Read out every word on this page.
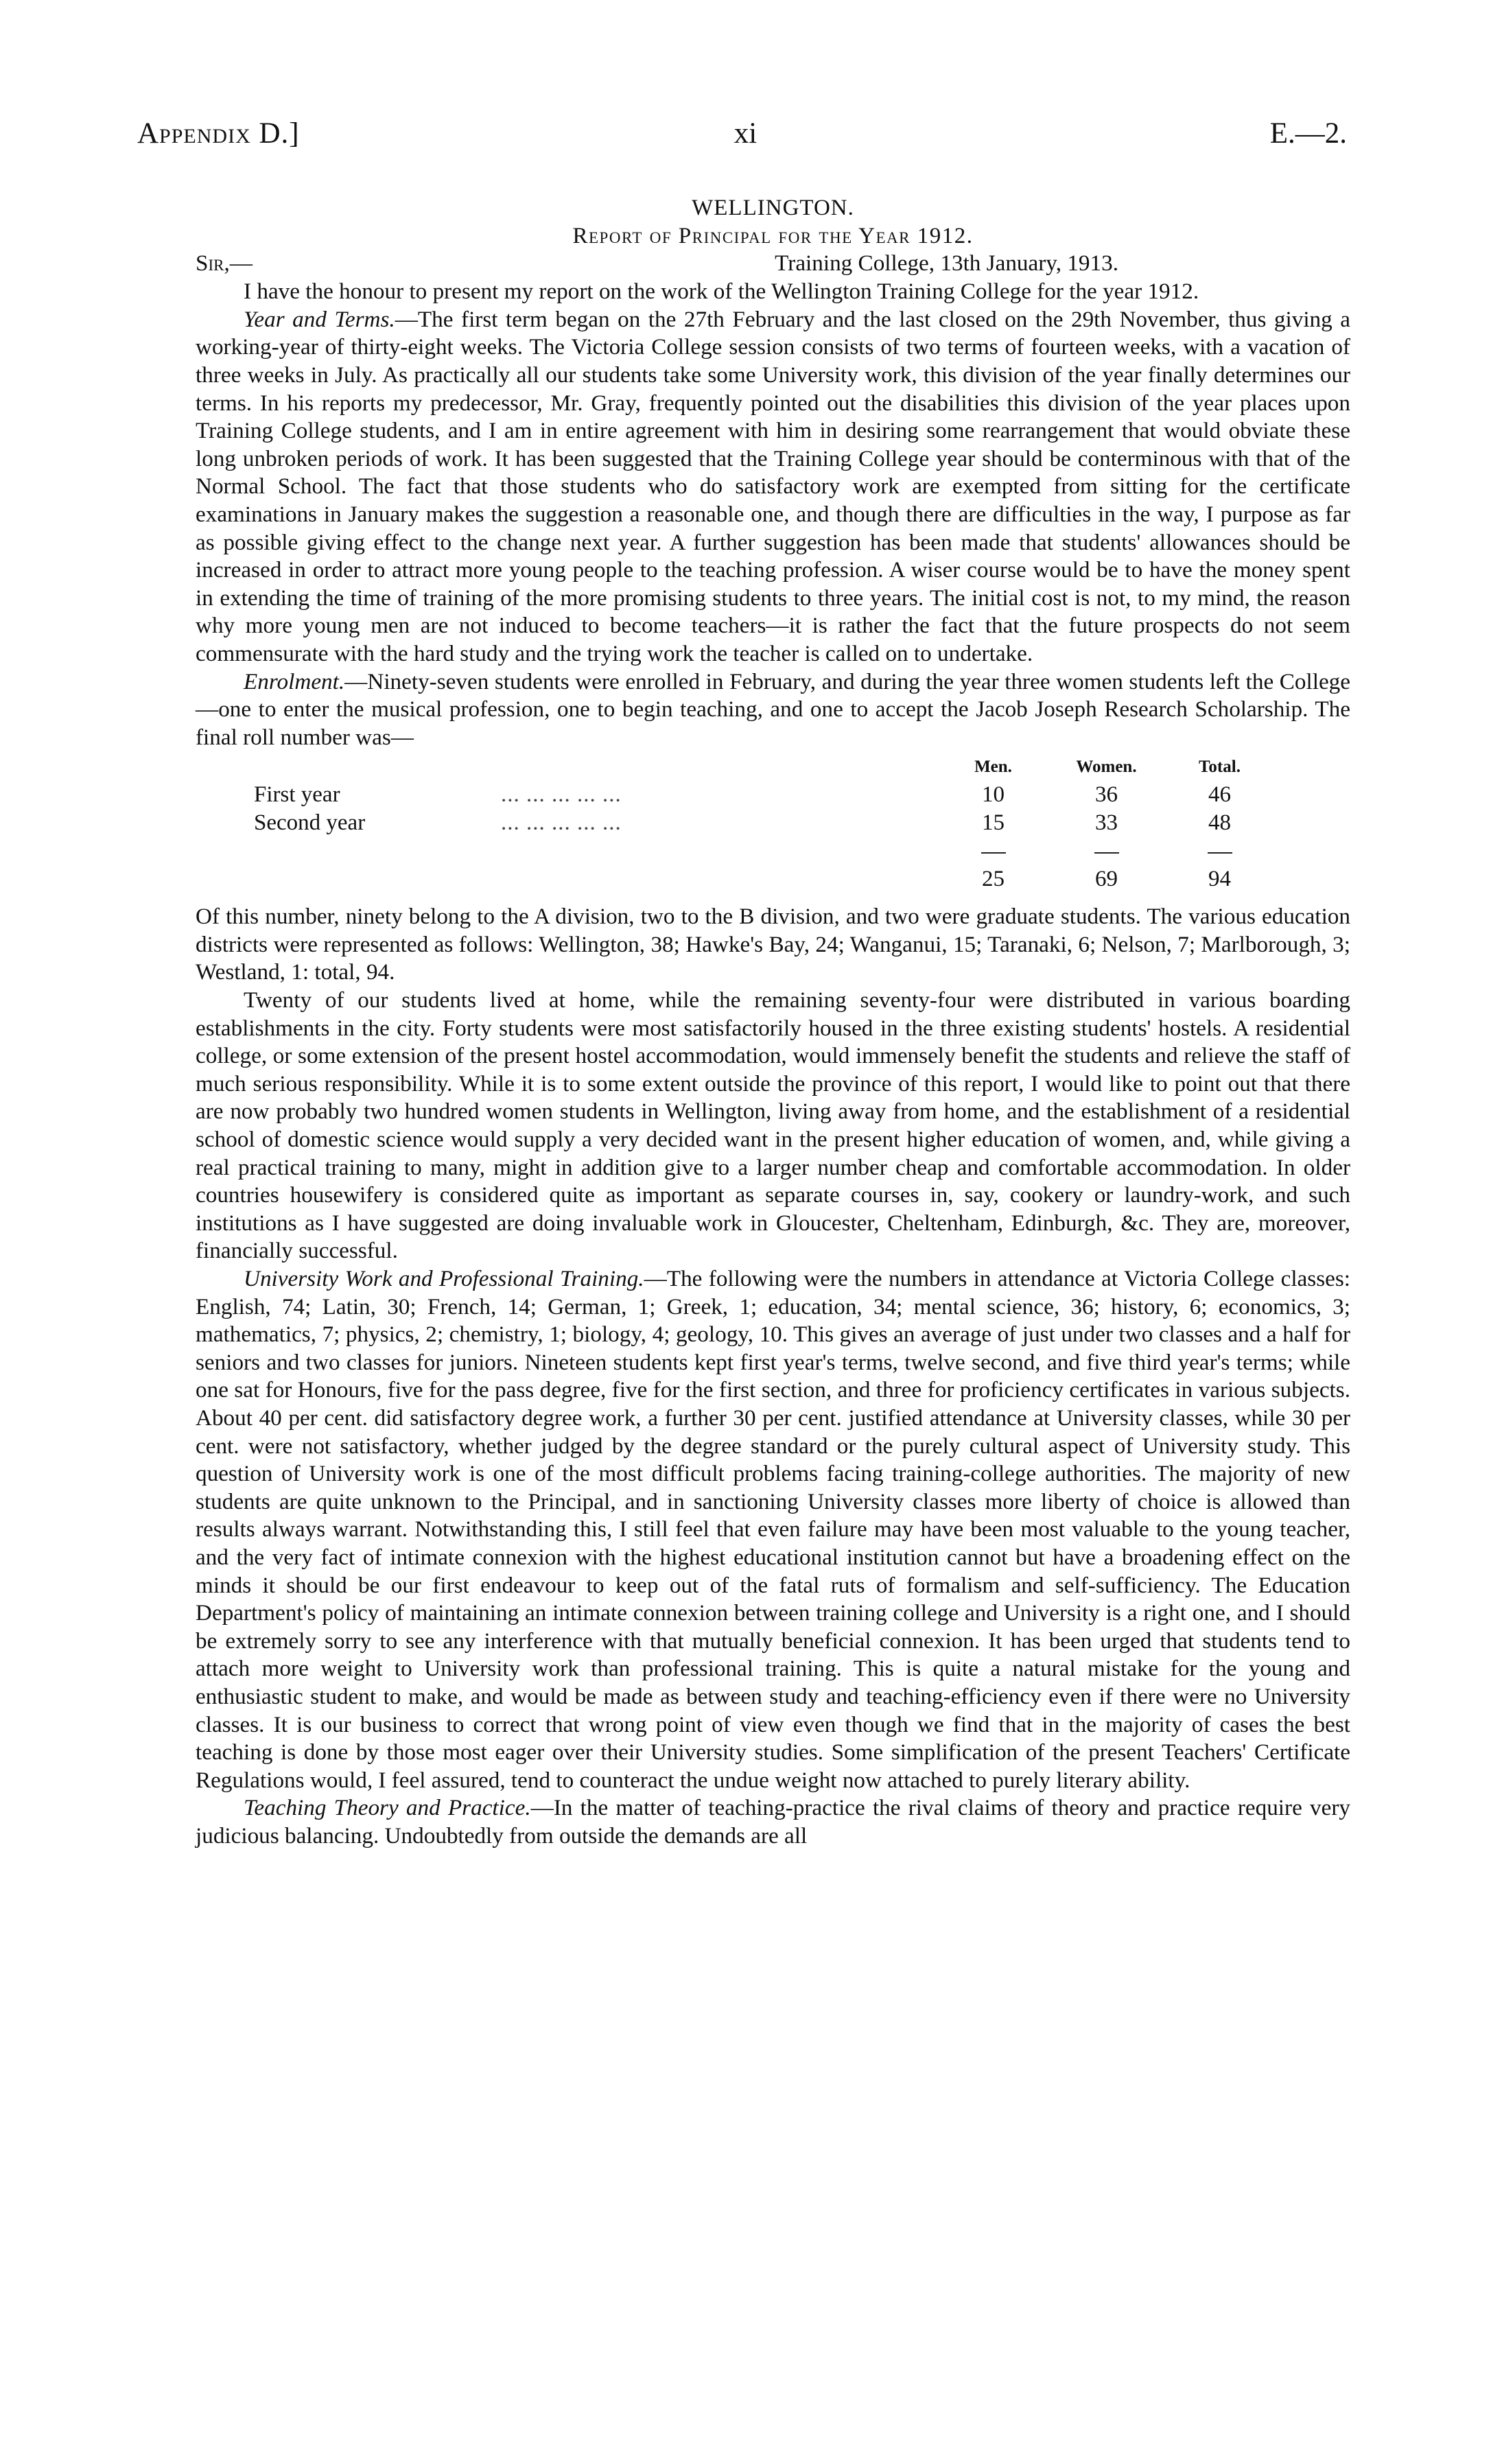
Appendix D.]	xi	E.—2.
WELLINGTON.
Report of Principal for the Year 1912.
Sir,—	Training College, 13th January, 1913.

I have the honour to present my report on the work of the Wellington Training College for the year 1912.

Year and Terms.—The first term began on the 27th February and the last closed on the 29th November, thus giving a working-year of thirty-eight weeks. The Victoria College session consists of two terms of fourteen weeks, with a vacation of three weeks in July. As practically all our students take some University work, this division of the year finally determines our terms. In his reports my predecessor, Mr. Gray, frequently pointed out the disabilities this division of the year places upon Training College students, and I am in entire agreement with him in desiring some rearrangement that would obviate these long unbroken periods of work. It has been suggested that the Training College year should be conterminous with that of the Normal School. The fact that those students who do satisfactory work are exempted from sitting for the certificate examinations in January makes the suggestion a reasonable one, and though there are difficulties in the way, I purpose as far as possible giving effect to the change next year. A further suggestion has been made that students' allowances should be increased in order to attract more young people to the teaching profession. A wiser course would be to have the money spent in extending the time of training of the more promising students to three years. The initial cost is not, to my mind, the reason why more young men are not induced to become teachers—it is rather the fact that the future prospects do not seem commensurate with the hard study and the trying work the teacher is called on to undertake.

Enrolment.—Ninety-seven students were enrolled in February, and during the year three women students left the College—one to enter the musical profession, one to begin teaching, and one to accept the Jacob Joseph Research Scholarship. The final roll number was—

		Men.	Women.	Total.
First year	... ... ... ... ...	10	36	46
Second year	... ... ... ... ...	15	33	48

		25	69	94

Of this number, ninety belong to the A division, two to the B division, and two were graduate students. The various education districts were represented as follows: Wellington, 38; Hawke's Bay, 24; Wanganui, 15; Taranaki, 6; Nelson, 7; Marlborough, 3; Westland, 1: total, 94.

Twenty of our students lived at home, while the remaining seventy-four were distributed in various boarding establishments in the city. Forty students were most satisfactorily housed in the three existing students' hostels. A residential college, or some extension of the present hostel accommodation, would immensely benefit the students and relieve the staff of much serious responsibility. While it is to some extent outside the province of this report, I would like to point out that there are now probably two hundred women students in Wellington, living away from home, and the establishment of a residential school of domestic science would supply a very decided want in the present higher education of women, and, while giving a real practical training to many, might in addition give to a larger number cheap and comfortable accommodation. In older countries housewifery is considered quite as important as separate courses in, say, cookery or laundry-work, and such institutions as I have suggested are doing invaluable work in Gloucester, Cheltenham, Edinburgh, &c. They are, moreover, financially successful.

University Work and Professional Training.—The following were the numbers in attendance at Victoria College classes: English, 74; Latin, 30; French, 14; German, 1; Greek, 1; education, 34; mental science, 36; history, 6; economics, 3; mathematics, 7; physics, 2; chemistry, 1; biology, 4; geology, 10. This gives an average of just under two classes and a half for seniors and two classes for juniors. Nineteen students kept first year's terms, twelve second, and five third year's terms; while one sat for Honours, five for the pass degree, five for the first section, and three for proficiency certificates in various subjects. About 40 per cent. did satisfactory degree work, a further 30 per cent. justified attendance at University classes, while 30 per cent. were not satisfactory, whether judged by the degree standard or the purely cultural aspect of University study. This question of University work is one of the most difficult problems facing training-college authorities. The majority of new students are quite unknown to the Principal, and in sanctioning University classes more liberty of choice is allowed than results always warrant. Notwithstanding this, I still feel that even failure may have been most valuable to the young teacher, and the very fact of intimate connexion with the highest educational institution cannot but have a broadening effect on the minds it should be our first endeavour to keep out of the fatal ruts of formalism and self-sufficiency. The Education Department's policy of maintaining an intimate connexion between training college and University is a right one, and I should be extremely sorry to see any interference with that mutually beneficial connexion. It has been urged that students tend to attach more weight to University work than professional training. This is quite a natural mistake for the young and enthusiastic student to make, and would be made as between study and teaching-efficiency even if there were no University classes. It is our business to correct that wrong point of view even though we find that in the majority of cases the best teaching is done by those most eager over their University studies. Some simplification of the present Teachers' Certificate Regulations would, I feel assured, tend to counteract the undue weight now attached to purely literary ability.

Teaching Theory and Practice.—In the matter of teaching-practice the rival claims of theory and practice require very judicious balancing. Undoubtedly from outside the demands are all
